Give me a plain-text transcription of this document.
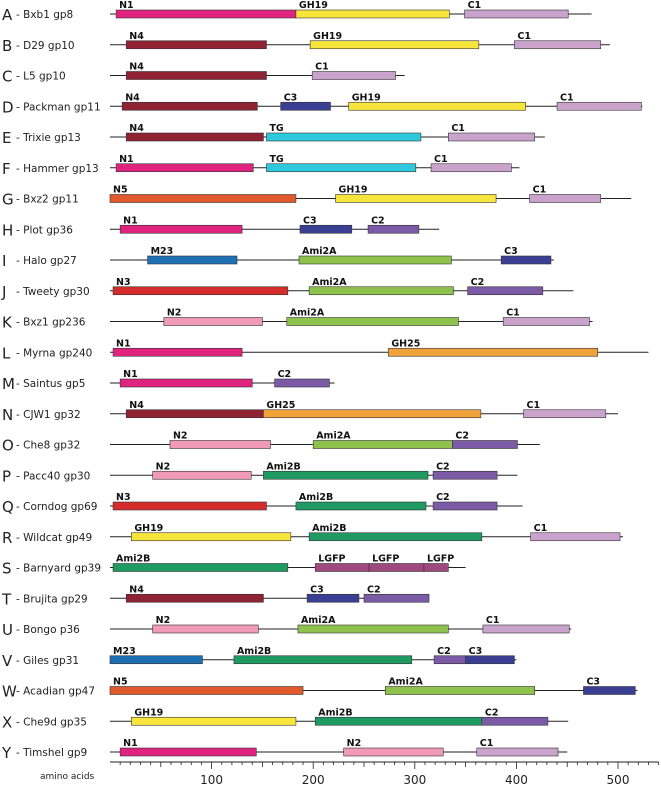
A - Bxb1 gp8
N1	GH19	C1
B - D29 gp10
N4	GH19	C1
C - L5 gp10
N4	C1
D - Packman gp11
N4	C3	GH19	C1
E - Trixie gp13
N4	TG	C1
F - Hammer gp13
N1	TG	C1
G - Bxz2 gp11
N5	GH19	C1
H - Plot gp36
N1	C3	C2
I - Halo gp27
M23	Ami2A	C3
J - Tweety gp30
N3	Ami2A	C2
K - Bxz1 gp236
N2	Ami2A	C1
L - Myrna gp240
N1	GH25
M - Saintus gp5
N1	C2
N - CJW1 gp32
N4	GH25	C1
O - Che8 gp32
N2	Ami2A	C2
P - Pacc40 gp30
N2	Ami2B	C2
Q - Corndog gp69
N3	Ami2B	C2
R - Wildcat gp49
GH19	Ami2B	C1
S - Barnyard gp39
Ami2B	LGFP	LGFP	LGFP
T - Brujita gp29
N4	C3	C2
U - Bongo p36
N2	Ami2A	C1
V - Giles gp31
M23	Ami2B	C2 C3
W - Acadian gp47
N5	Ami2A	C3
X - Che9d gp35
GH19	Ami2B	C2
Y - Timshel gp9
N1	N2	C1
amino acids	100	200	300	400	500
